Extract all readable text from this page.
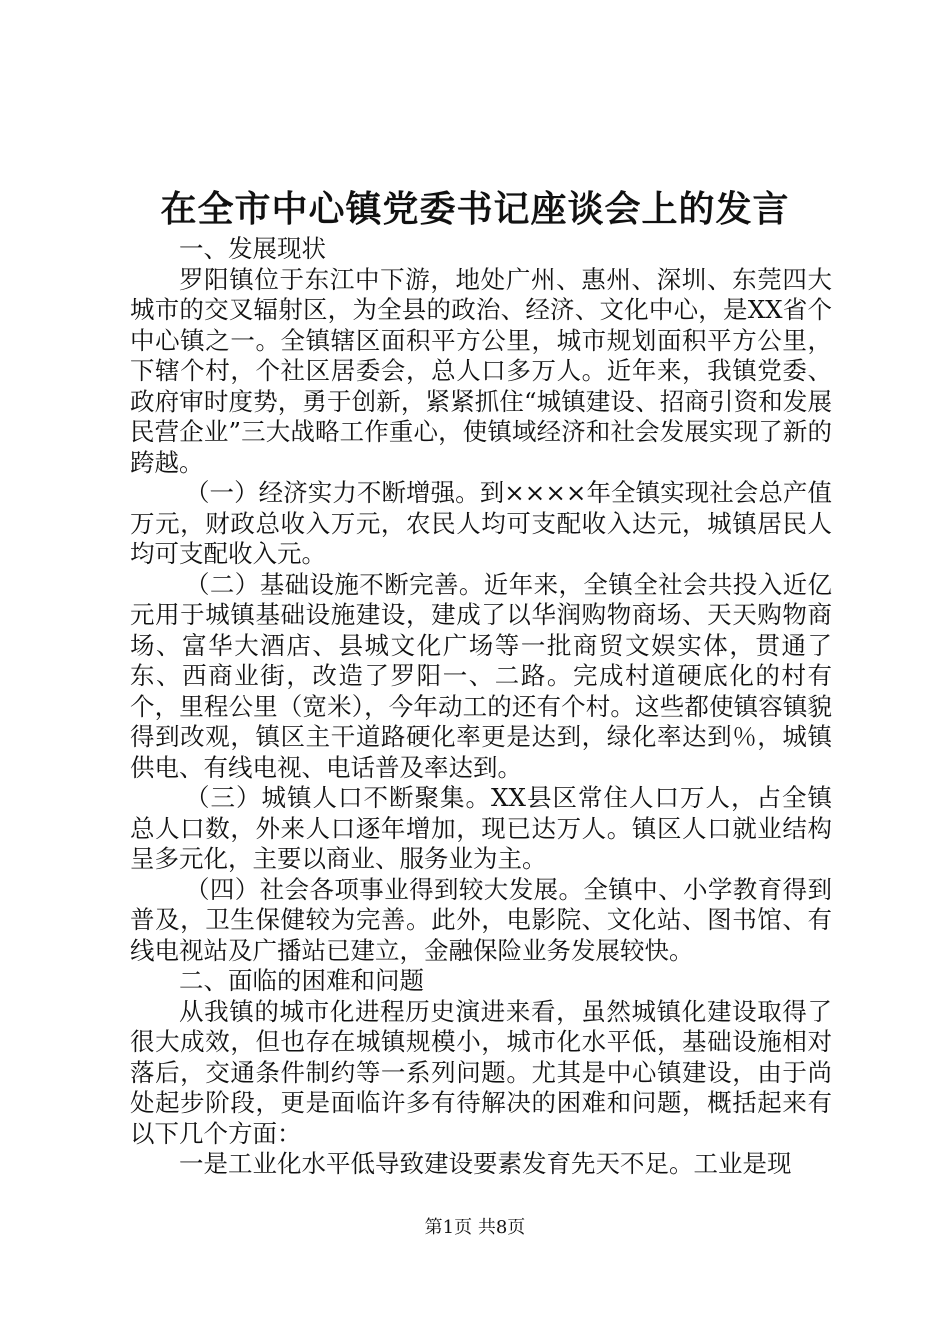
在全市中心镇党委书记座谈会上的发言

一、发展现状

罗阳镇位于东江中下游，地处广州、惠州、深圳、东莞四大城市的交叉辐射区，为全县的政治、经济、文化中心，是XX省个中心镇之一。全镇辖区面积平方公里，城市规划面积平方公里，下辖个村，个社区居委会，总人口多万人。近年来，我镇党委、政府审时度势，勇于创新，紧紧抓住“城镇建设、招商引资和发展民营企业”三大战略工作重心，使镇域经济和社会发展实现了新的跨越。

（一）经济实力不断增强。到××××年全镇实现社会总产值万元，财政总收入万元，农民人均可支配收入达元，城镇居民人均可支配收入元。

（二）基础设施不断完善。近年来，全镇全社会共投入近亿元用于城镇基础设施建设，建成了以华润购物商场、天天购物商场、富华大酒店、县城文化广场等一批商贸文娱实体，贯通了东、西商业街，改造了罗阳一、二路。完成村道硬底化的村有个，里程公里（宽米），今年动工的还有个村。这些都使镇容镇貌得到改观，镇区主干道路硬化率更是达到，绿化率达到％，城镇供电、有线电视、电话普及率达到。

（三）城镇人口不断聚集。XX县区常住人口万人，占全镇总人口数，外来人口逐年增加，现已达万人。镇区人口就业结构呈多元化，主要以商业、服务业为主。

（四）社会各项事业得到较大发展。全镇中、小学教育得到普及，卫生保健较为完善。此外，电影院、文化站、图书馆、有线电视站及广播站已建立，金融保险业务发展较快。

二、面临的困难和问题

从我镇的城市化进程历史演进来看，虽然城镇化建设取得了很大成效，但也存在城镇规模小，城市化水平低，基础设施相对落后，交通条件制约等一系列问题。尤其是中心镇建设，由于尚处起步阶段，更是面临许多有待解决的困难和问题，概括起来有以下几个方面：

一是工业化水平低导致建设要素发育先天不足。工业是现

第1页 共8页
